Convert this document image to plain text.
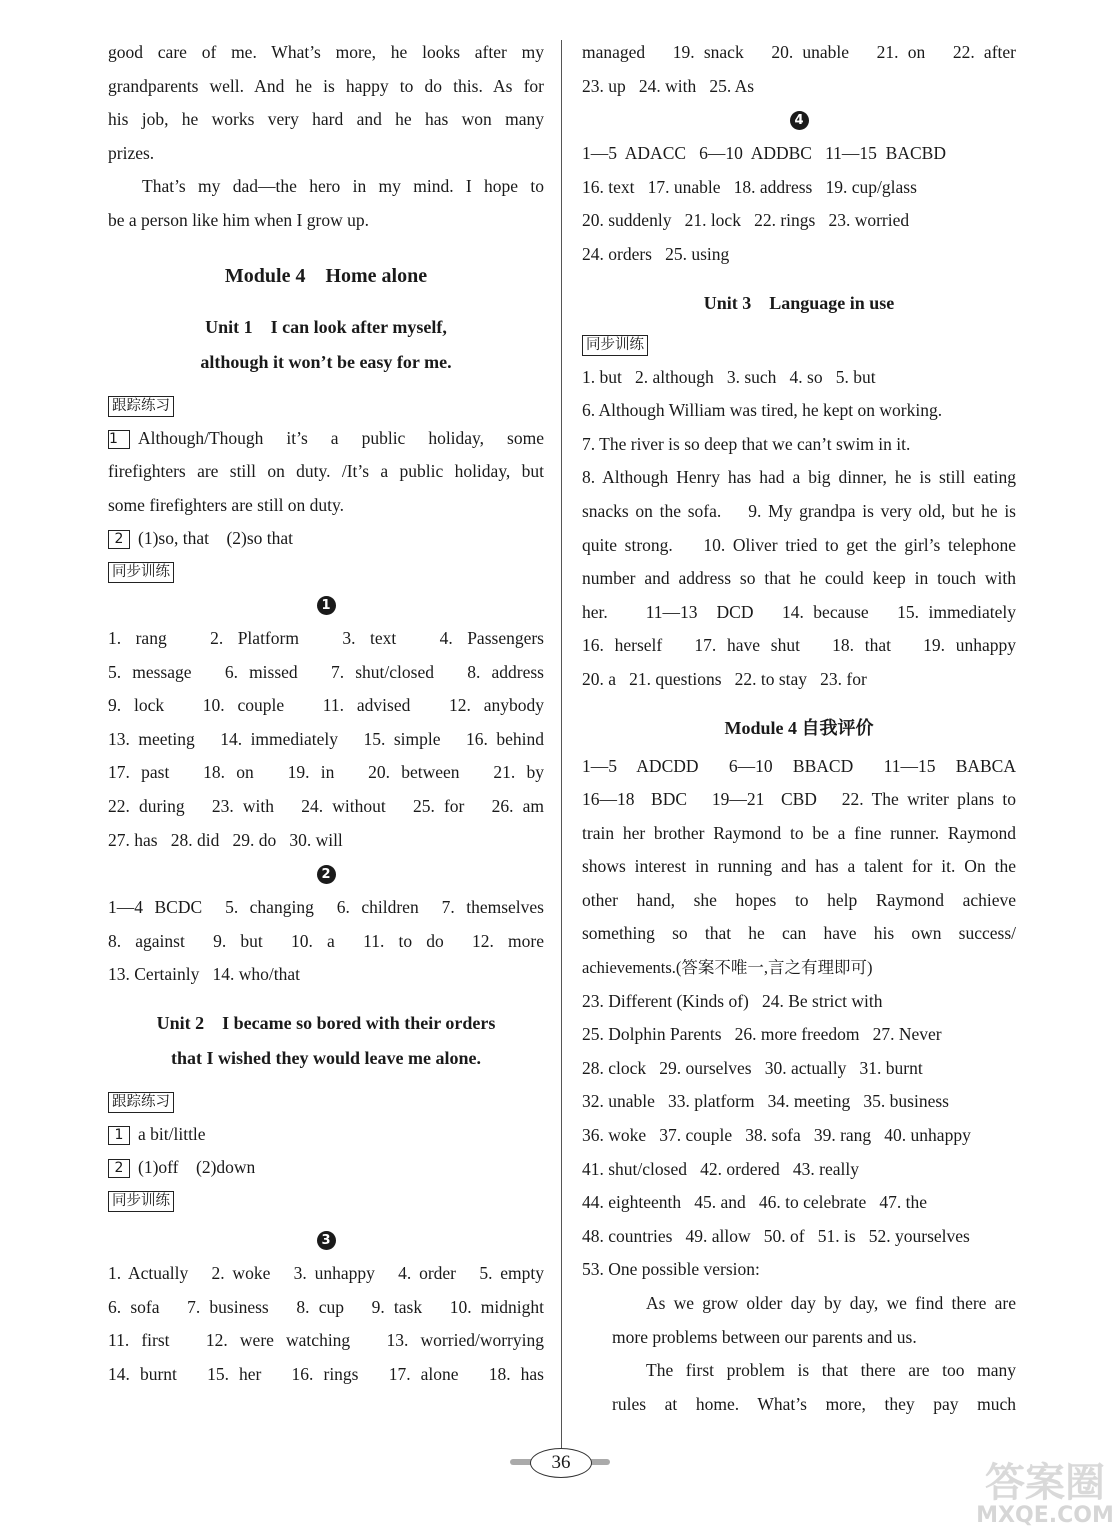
good care of me. What’s more, he looks after my
grandparents well. And he is happy to do this. As for
his job, he works very hard and he has won many
prizes.
That’s my dad—the hero in my mind. I hope to
be a person like him when I grow up.
Module 4    Home alone
Unit 1    I can look after myself,
although it won’t be easy for me.
跟踪练习
1 Although/Though   it’s   a   public   holiday,   some
firefighters are still on duty. /It’s a public holiday, but
some firefighters are still on duty.
2 (1)so, that    (2)so that
同步训练
1
1. rang   2. Platform   3. text   4. Passengers
5. message   6. missed   7. shut/closed   8. address
9. lock   10. couple   11. advised   12. anybody
13. meeting   14. immediately   15. simple   16. behind
17. past   18. on   19. in   20. between   21. by
22. during   23. with   24. without   25. for   26. am
27. has   28. did   29. do   30. will
2
1—4 BCDC  5. changing  6. children  7. themselves
8. against  9. but  10. a  11. to do  12. more
13. Certainly   14. who/that
Unit 2    I became so bored with their orders
that I wished they would leave me alone.
跟踪练习
1 a bit/little
2 (1)off    (2)down
同步训练
3
1. Actually   2. woke   3. unhappy   4. order   5. empty
6. sofa   7. business   8. cup   9. task   10. midnight
11. first   12. were watching   13. worried/worrying
14. burnt   15. her   16. rings   17. alone   18. has
managed   19. snack   20. unable   21. on   22. after
23. up   24. with   25. As
4
1—5  ADACC   6—10  ADDBC   11—15  BACBD
16. text   17. unable   18. address   19. cup/glass
20. suddenly   21. lock   22. rings   23. worried
24. orders   25. using
Unit 3    Language in use
同步训练
1. but   2. although   3. such   4. so   5. but
6. Although William was tired, he kept on working.
7. The river is so deep that we can’t swim in it.
8. Although Henry has had a big dinner, he is still eating
snacks on the sofa.    9. My grandpa is very old, but he is
quite strong.    10. Oliver tried to get the girl’s telephone
number and address so that he could keep in touch with
her.    11—13  DCD   14. because   15. immediately
16. herself   17. have shut   18. that   19. unhappy
20. a   21. questions   22. to stay   23. for
Module 4 自我评价
1—5  ADCDD   6—10  BBACD   11—15  BABCA
16—18  BDC   19—21  CBD   22. The writer plans to
train her brother Raymond to be a fine runner. Raymond
shows interest in running and has a talent for it. On the
other   hand,   she   hopes   to   help   Raymond   achieve
something   so   that   he   can   have   his   own   success/
achievements.(答案不唯一,言之有理即可)
23. Different (Kinds of)   24. Be strict with
25. Dolphin Parents   26. more freedom   27. Never
28. clock   29. ourselves   30. actually   31. burnt
32. unable   33. platform   34. meeting   35. business
36. woke   37. couple   38. sofa   39. rang   40. unhappy
41. shut/closed   42. ordered   43. really
44. eighteenth   45. and   46. to celebrate   47. the
48. countries   49. allow   50. of   51. is   52. yourselves
53. One possible version:
As we grow older day by day, we find there are
more problems between our parents and us.
The first problem is that there are too many
rules   at   home.   What’s   more,   they   pay   much
36	答案圈
MXQE.COM
